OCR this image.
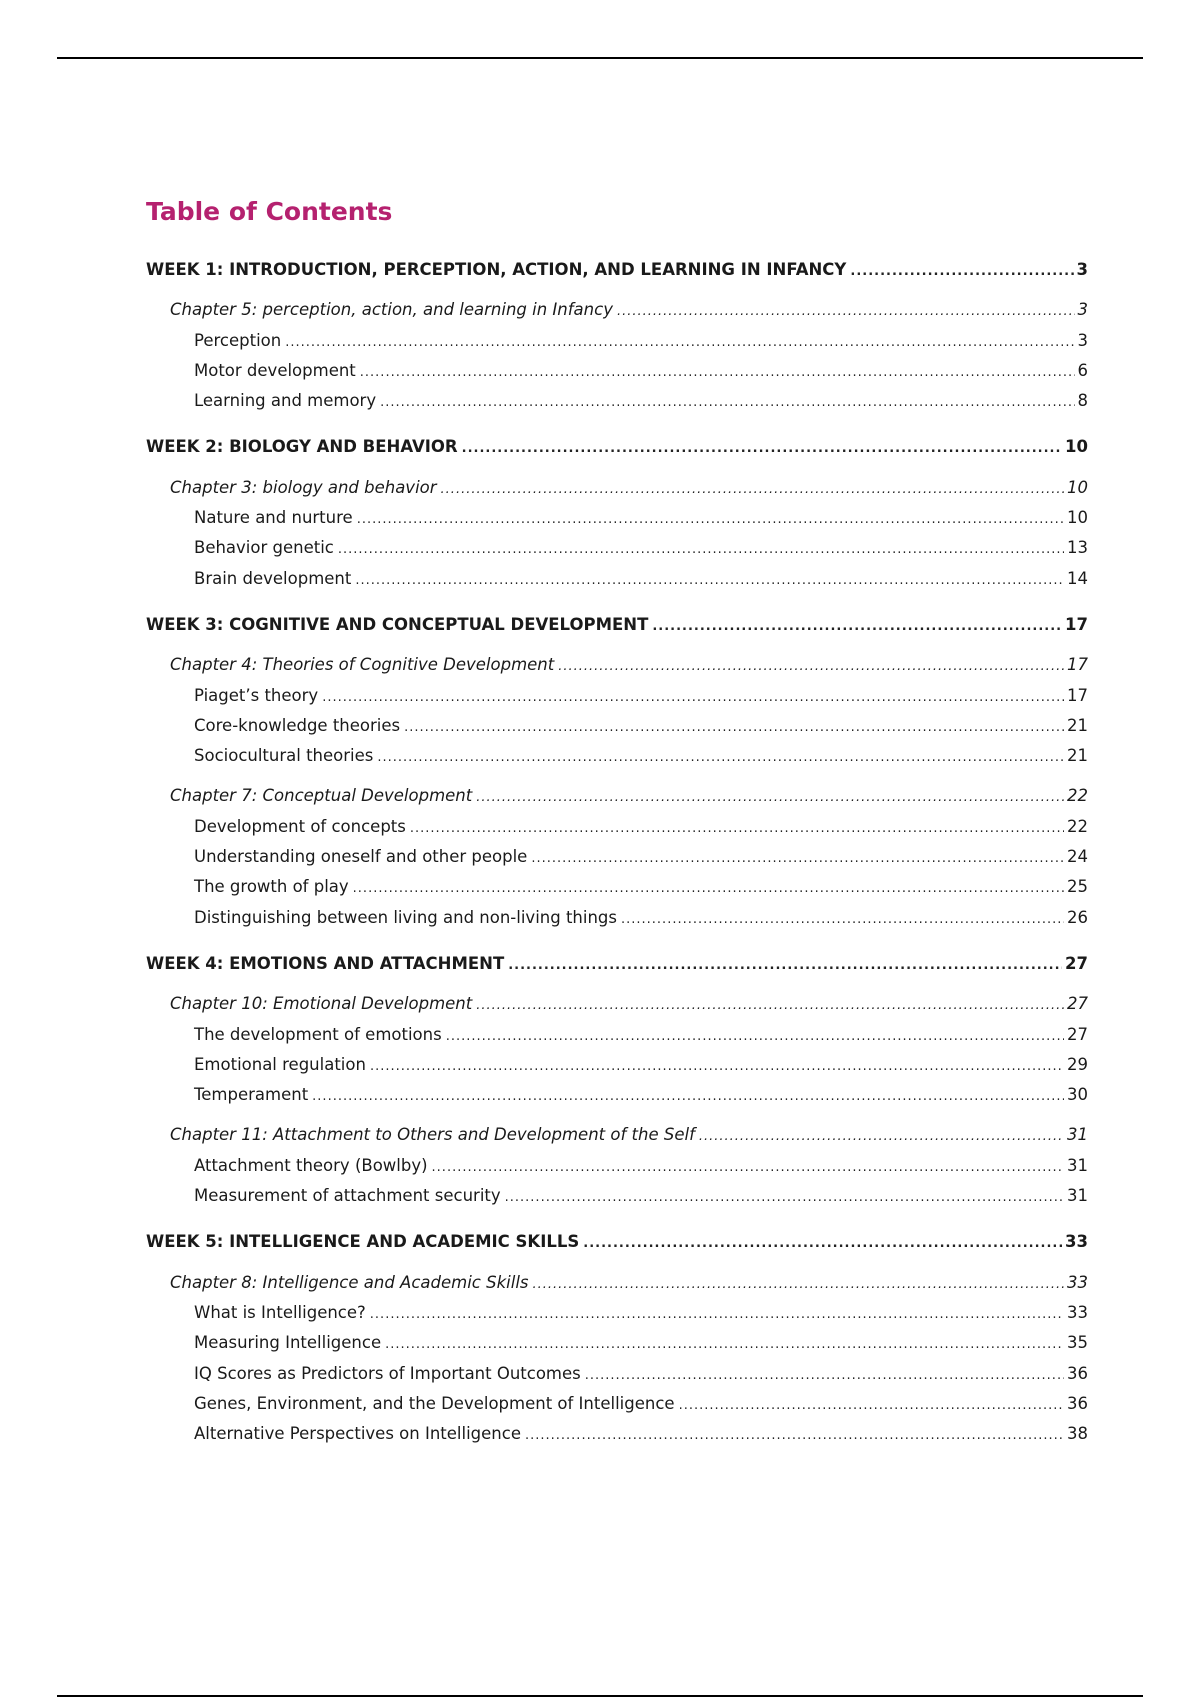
Table of Contents
WEEK 1: INTRODUCTION, PERCEPTION, ACTION, AND LEARNING IN INFANCY .....	3
Chapter 5: perception, action, and learning in Infancy .....	3
Perception .....	3
Motor development .....	6
Learning and memory .....	8
WEEK 2: BIOLOGY AND BEHAVIOR .....	10
Chapter 3: biology and behavior .....	10
Nature and nurture .....	10
Behavior genetic .....	13
Brain development .....	14
WEEK 3: COGNITIVE AND CONCEPTUAL DEVELOPMENT .....	17
Chapter 4: Theories of Cognitive Development .....	17
Piaget’s theory .....	17
Core-knowledge theories .....	21
Sociocultural theories .....	21
Chapter 7: Conceptual Development .....	22
Development of concepts .....	22
Understanding oneself and other people .....	24
The growth of play .....	25
Distinguishing between living and non-living things .....	26
WEEK 4: EMOTIONS AND ATTACHMENT .....	27
Chapter 10: Emotional Development .....	27
The development of emotions .....	27
Emotional regulation .....	29
Temperament .....	30
Chapter 11: Attachment to Others and Development of the Self .....	31
Attachment theory (Bowlby) .....	31
Measurement of attachment security .....	31
WEEK 5: INTELLIGENCE AND ACADEMIC SKILLS .....	33
Chapter 8: Intelligence and Academic Skills .....	33
What is Intelligence? .....	33
Measuring Intelligence .....	35
IQ Scores as Predictors of Important Outcomes .....	36
Genes, Environment, and the Development of Intelligence .....	36
Alternative Perspectives on Intelligence .....	38
